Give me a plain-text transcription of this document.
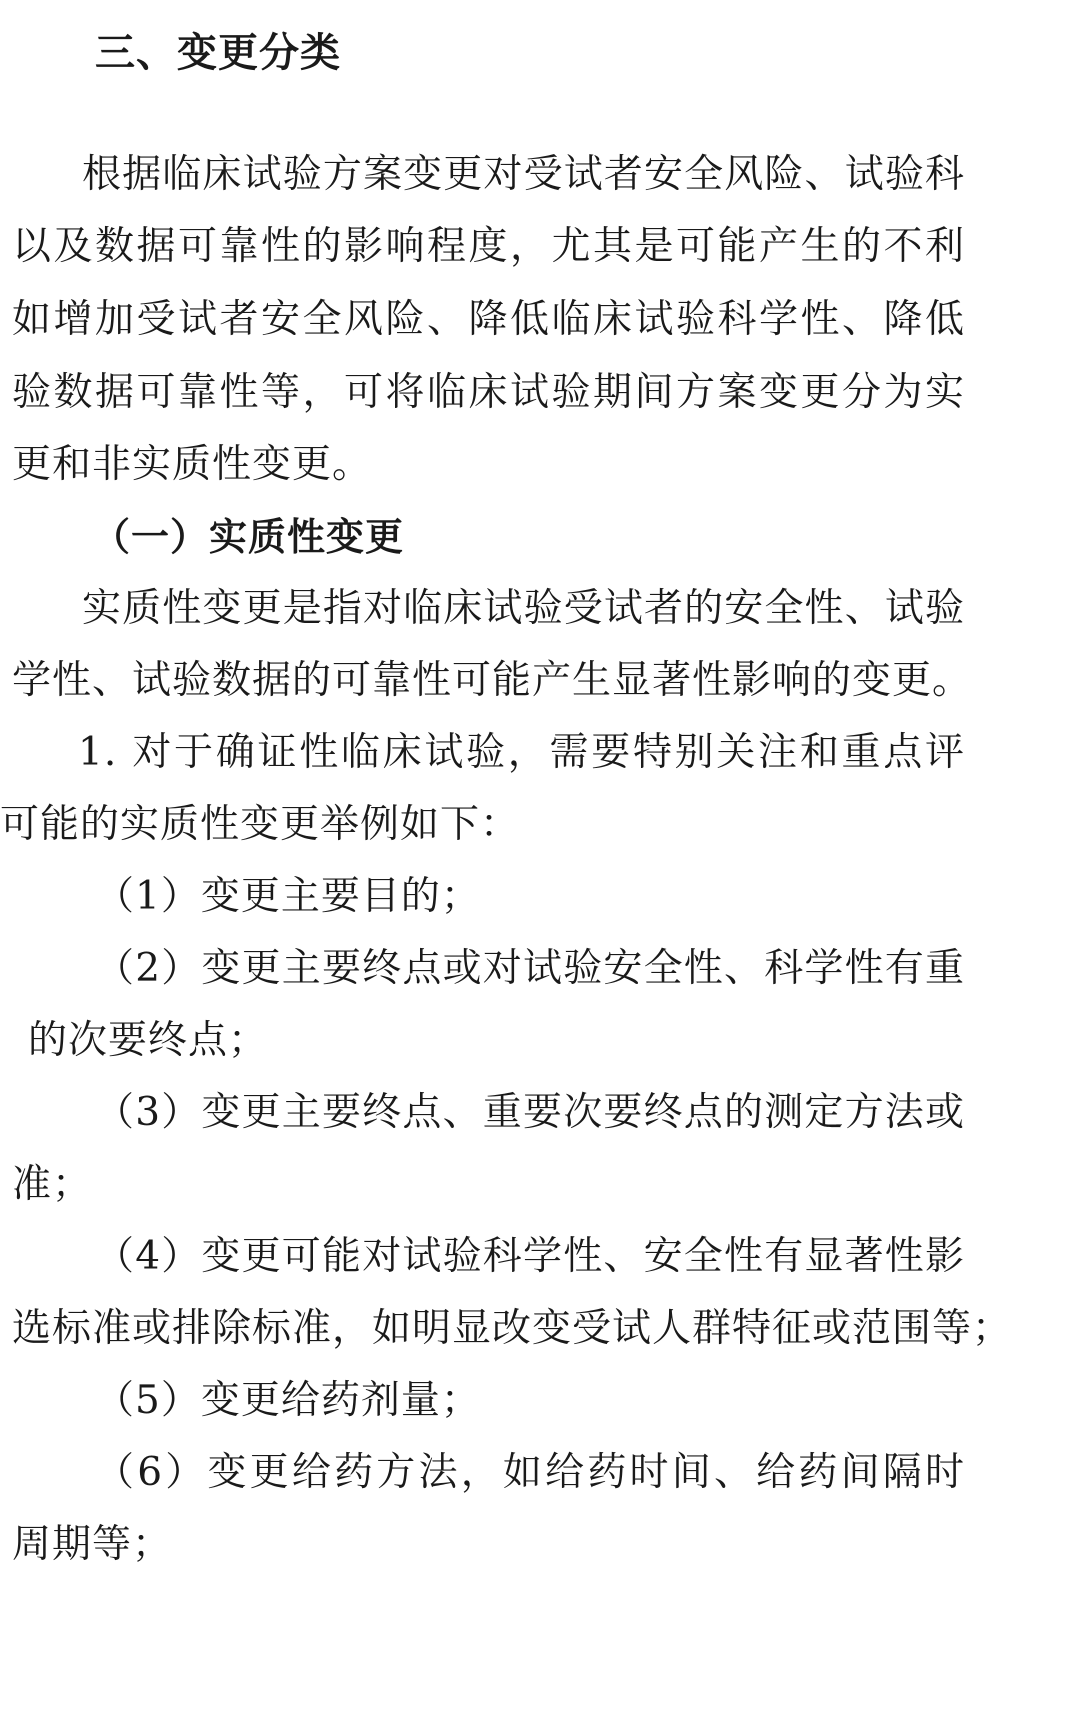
三、变更分类
根据临床试验方案变更对受试者安全风险、试验科
以及数据可靠性的影响程度，尤其是可能产生的不利
如增加受试者安全风险、降低临床试验科学性、降低
验数据可靠性等，可将临床试验期间方案变更分为实
更和非实质性变更。
（一）实质性变更
实质性变更是指对临床试验受试者的安全性、试验
学性、试验数据的可靠性可能产生显著性影响的变更。
1. 对于确证性临床试验，需要特别关注和重点评
可能的实质性变更举例如下：
（1）变更主要目的；
（2）变更主要终点或对试验安全性、科学性有重
的次要终点；
（3）变更主要终点、重要次要终点的测定方法或
准；
（4）变更可能对试验科学性、安全性有显著性影
选标准或排除标准，如明显改变受试人群特征或范围等；
（5）变更给药剂量；
（6）变更给药方法，如给药时间、给药间隔时
周期等；
